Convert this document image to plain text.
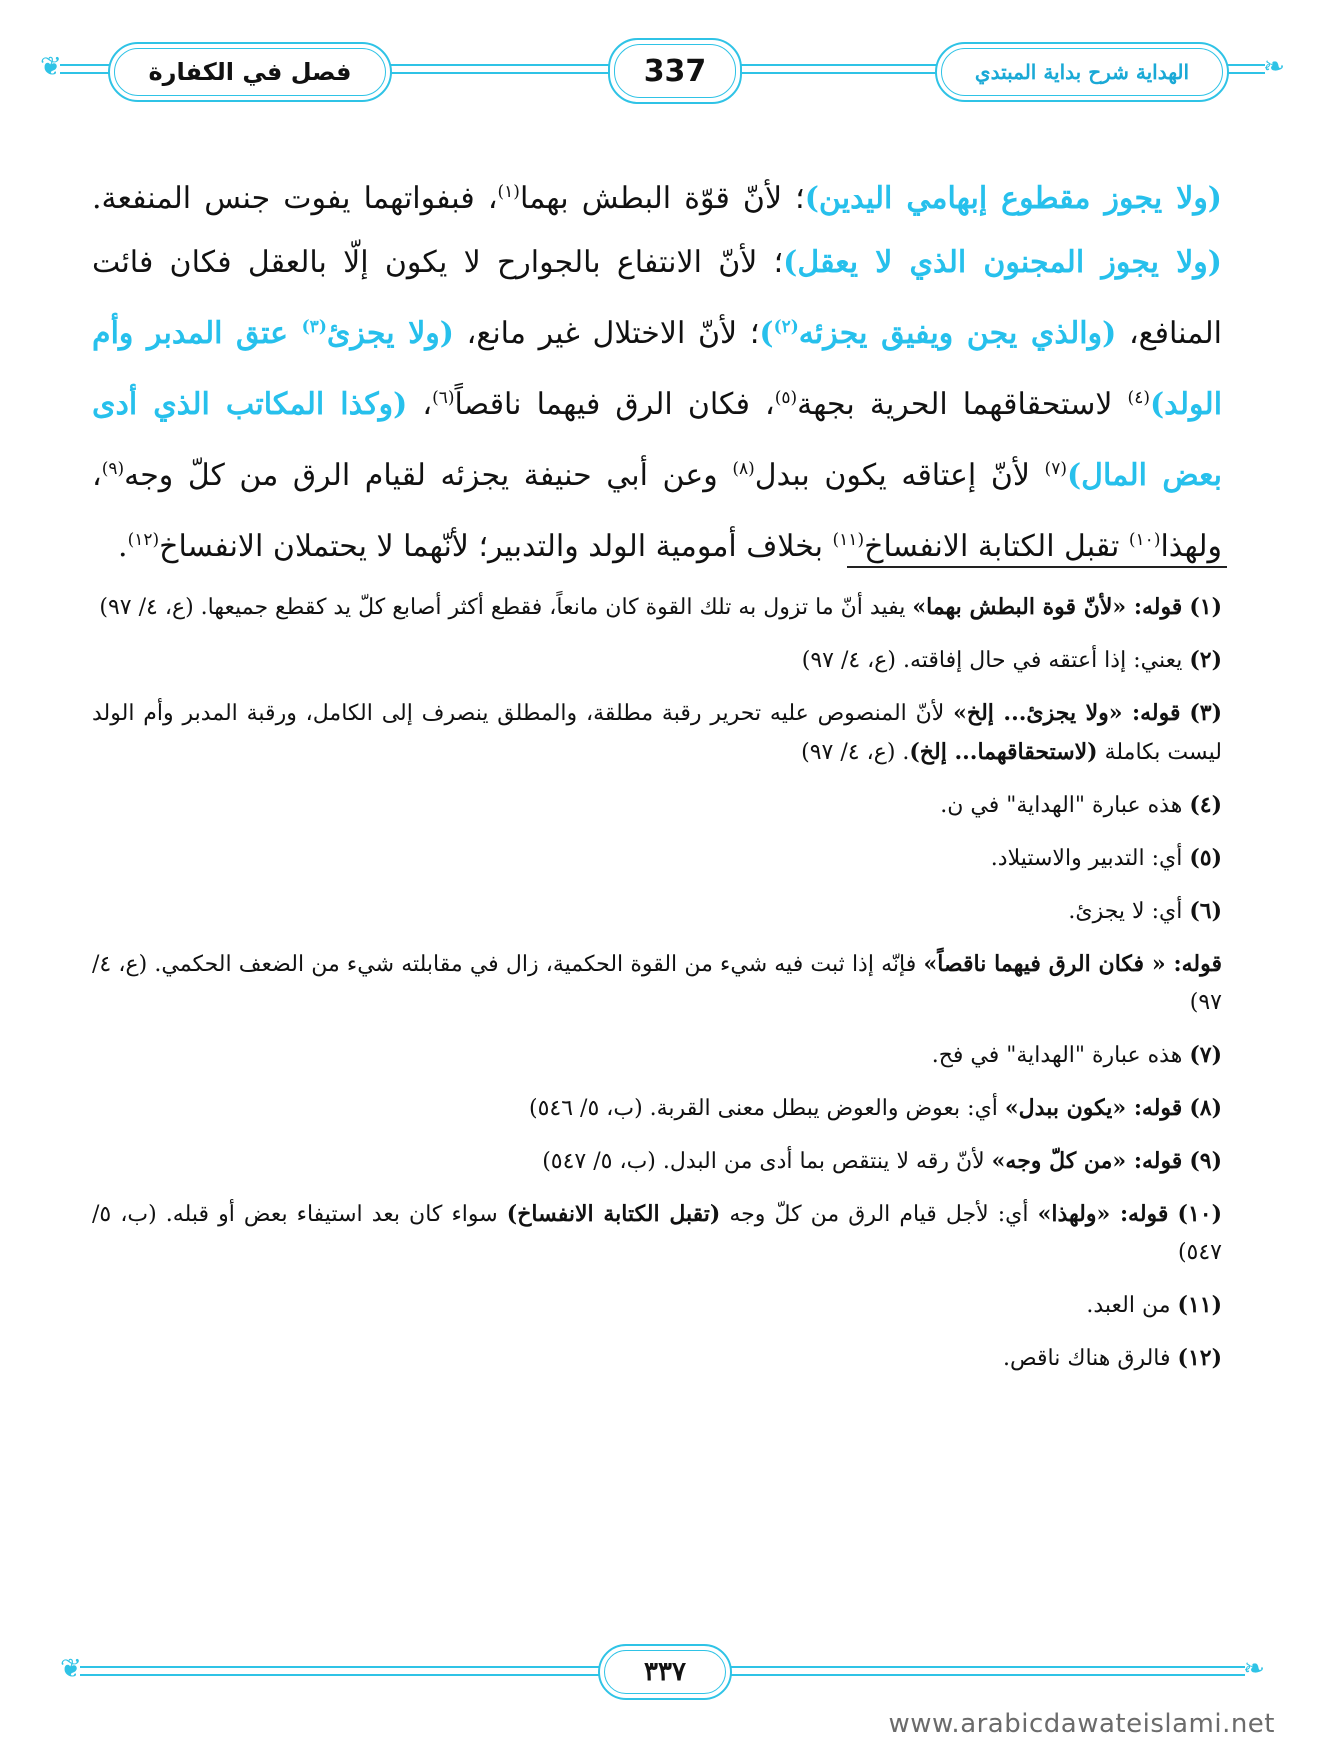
❦	❧
فصل في الكفارة	337	الهداية شرح بداية المبتدي
(ولا يجوز مقطوع إبهامي اليدين)؛ لأنّ قوّة البطش بهما$^{(١)}$، فبفواتهما يفوت جنس المنفعة. (ولا يجوز المجنون الذي لا يعقل)؛ لأنّ الانتفاع بالجوارح لا يكون إلّا بالعقل فكان فائت المنافع، (والذي يجن ويفيق يجزئه$^{(٢)}$)؛ لأنّ الاختلال غير مانع، (ولا يجزئ$^{(٣)}$ عتق المدبر وأم الولد)$^{(٤)}$ لاستحقاقهما الحرية بجهة$^{(٥)}$، فكان الرق فيهما ناقصاً$^{(٦)}$، (وكذا المكاتب الذي أدى بعض المال)$^{(٧)}$ لأنّ إعتاقه يكون ببدل$^{(٨)}$ وعن أبي حنيفة يجزئه لقيام الرق من كلّ وجه$^{(٩)}$، ولهذا$^{(١٠)}$ تقبل الكتابة الانفساخ$^{(١١)}$ بخلاف أمومية الولد والتدبير؛ لأنّهما لا يحتملان الانفساخ$^{(١٢)}$.
(١) قوله: «لأنّ قوة البطش بهما» يفيد أنّ ما تزول به تلك القوة كان مانعاً، فقطع أكثر أصابع كلّ يد كقطع جميعها. (ع، ٤/ ٩٧)
(٢) يعني: إذا أعتقه في حال إفاقته. (ع، ٤/ ٩٧)
(٣) قوله: «ولا يجزئ... إلخ» لأنّ المنصوص عليه تحرير رقبة مطلقة، والمطلق ينصرف إلى الكامل، ورقبة المدبر وأم الولد ليست بكاملة (لاستحقاقهما... إلخ). (ع، ٤/ ٩٧)
(٤) هذه عبارة "الهداية" في ن.
(٥) أي: التدبير والاستيلاد.
(٦) أي: لا يجزئ.
قوله: « فكان الرق فيهما ناقصاً» فإنّه إذا ثبت فيه شيء من القوة الحكمية، زال في مقابلته شيء من الضعف الحكمي. (ع، ٤/ ٩٧)
(٧) هذه عبارة "الهداية" في فح.
(٨) قوله: «يكون ببدل» أي: بعوض والعوض يبطل معنى القربة. (ب، ٥/ ٥٤٦)
(٩) قوله: «من كلّ وجه» لأنّ رقه لا ينتقص بما أدى من البدل. (ب، ٥/ ٥٤٧)
(١٠) قوله: «ولهذا» أي: لأجل قيام الرق من كلّ وجه (تقبل الكتابة الانفساخ) سواء كان بعد استيفاء بعض أو قبله. (ب، ٥/ ٥٤٧)
(١١) من العبد.
(١٢) فالرق هناك ناقص.
❦	❧
٣٣٧
www.arabicdawateislami.net
